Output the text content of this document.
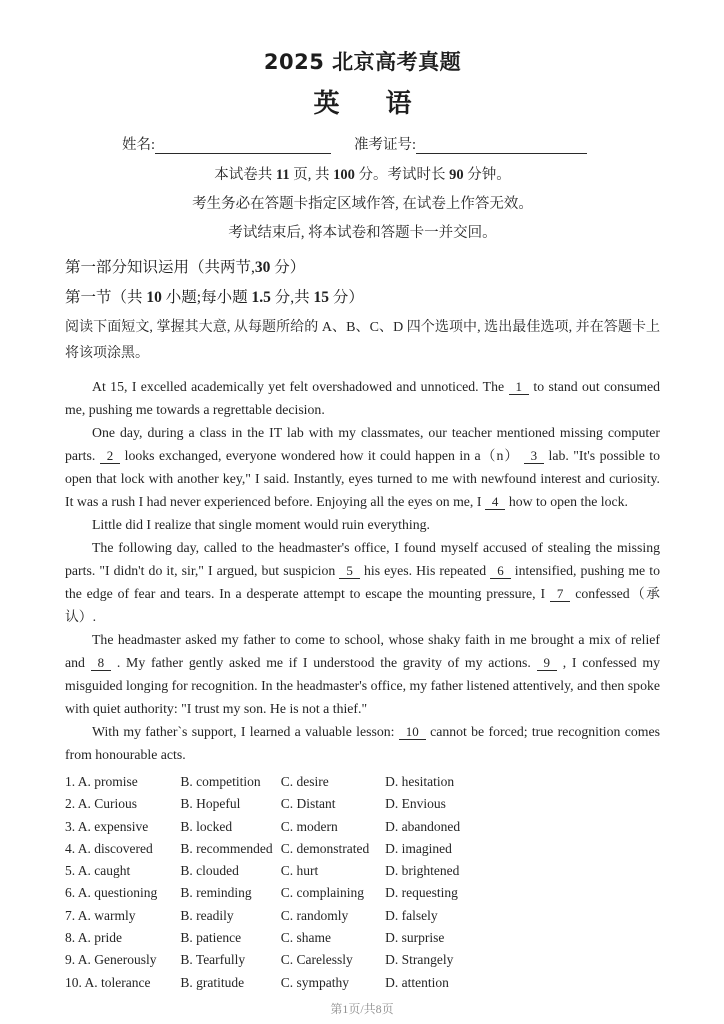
2025 北京高考真题
英 语
姓名:	准考证号:

本试卷共 11 页, 共 100 分。考试时长 90 分钟。

考生务必在答题卡指定区域作答, 在试卷上作答无效。

考试结束后, 将本试卷和答题卡一并交回。

第一部分知识运用（共两节,30 分）
第一节（共 10 小题;每小题 1.5 分,共 15 分）

阅读下面短文, 掌握其大意, 从每题所给的 A、B、C、D 四个选项中, 选出最佳选项, 并在答题卡上将该项涂黑。

At 15, I excelled academically yet felt overshadowed and unnoticed. The 1 to stand out consumed me, pushing me towards a regrettable decision.

One day, during a class in the IT lab with my classmates, our teacher mentioned missing computer parts. 2 looks exchanged, everyone wondered how it could happen in a（n） 3 lab. "It's possible to open that lock with another key," I said. Instantly, eyes turned to me with newfound interest and curiosity. It was a rush I had never experienced before. Enjoying all the eyes on me, I 4 how to open the lock.

Little did I realize that single moment would ruin everything.

The following day, called to the headmaster's office, I found myself accused of stealing the missing parts. "I didn't do it, sir," I argued, but suspicion 5 his eyes. His repeated 6 intensified, pushing me to the edge of fear and tears. In a desperate attempt to escape the mounting pressure, I 7 confessed（承认）.

The headmaster asked my father to come to school, whose shaky faith in me brought a mix of relief and 8 . My father gently asked me if I understood the gravity of my actions. 9 , I confessed my misguided longing for recognition. In the headmaster's office, my father listened attentively, and then spoke with quiet authority: "I trust my son. He is not a thief."

With my father`s support, I learned a valuable lesson: 10 cannot be forced; true recognition comes from honourable acts.

1. A. promise	B. competition C. desire	D. hesitation
2. A. Curious	B. Hopeful	C. Distant	D. Envious
3. A. expensive B. locked	C. modern	D. abandoned
4. A. discovered B. recommended C. demonstrated D. imagined
5. A. caught	B. clouded	C. hurt	D. brightened
6. A. questioning B. reminding C. complaining D. requesting
7. A. warmly	B. readily	C. randomly	D. falsely
8. A. pride	B. patience	C. shame	D. surprise
9. A. Generously B. Tearfully	C. Carelessly D. Strangely
10. A. tolerance B. gratitude	C. sympathy	D. attention
第1页/共8页
